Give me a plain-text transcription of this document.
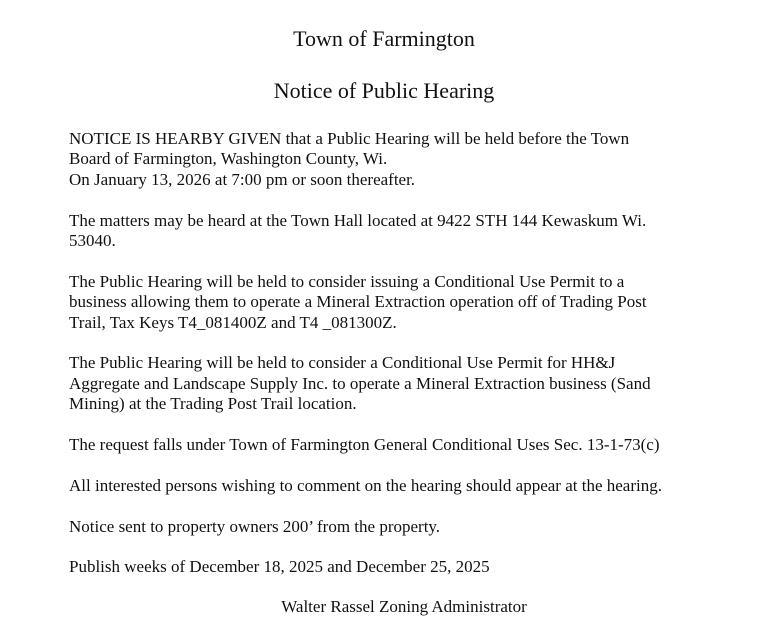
Town of Farmington
Notice of Public Hearing

NOTICE IS HEARBY GIVEN that a Public Hearing will be held before the Town
Board of Farmington, Washington County, Wi.
On January 13, 2026 at 7:00 pm or soon thereafter.

The matters may be heard at the Town Hall located at 9422 STH 144 Kewaskum Wi.
53040.

The Public Hearing will be held to consider issuing a Conditional Use Permit to a
business allowing them to operate a Mineral Extraction operation off of Trading Post
Trail, Tax Keys T4_081400Z and T4 _081300Z.

The Public Hearing will be held to consider a Conditional Use Permit for HH&J
Aggregate and Landscape Supply Inc. to operate a Mineral Extraction business (Sand
Mining) at the Trading Post Trail location.

The request falls under Town of Farmington General Conditional Uses Sec. 13-1-73(c)

All interested persons wishing to comment on the hearing should appear at the hearing.

Notice sent to property owners 200’ from the property.

Publish weeks of December 18, 2025 and December 25, 2025

Walter Rassel Zoning Administrator
